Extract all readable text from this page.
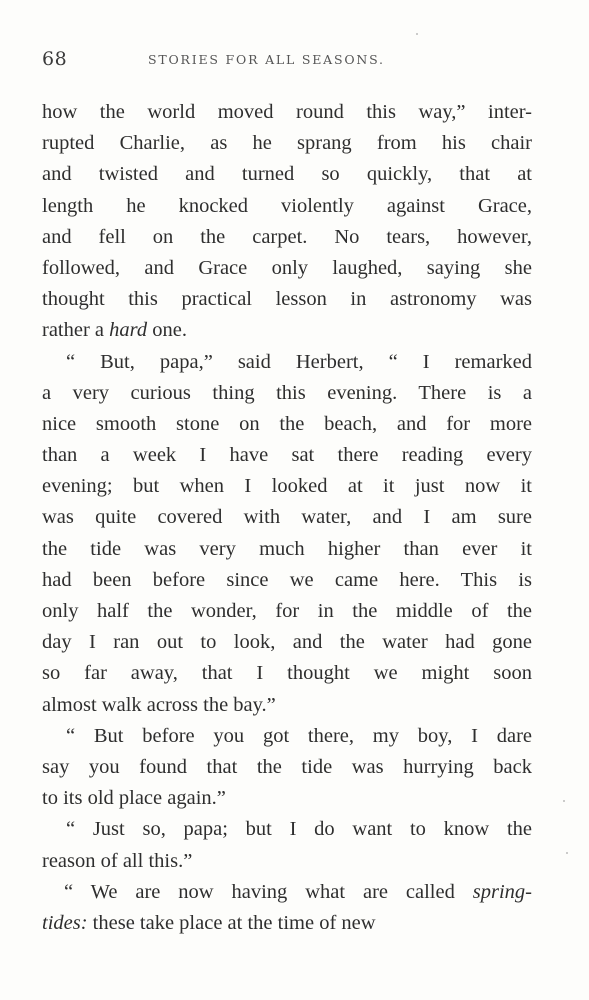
68	STORIES FOR ALL SEASONS.
how the world moved round this way,” inter-
rupted Charlie, as he sprang from his chair
and twisted and turned so quickly, that at
length he knocked violently against Grace,
and fell on the carpet. No tears, however,
followed, and Grace only laughed, saying she
thought this practical lesson in astronomy was
rather a hard one.
“ But, papa,” said Herbert, “ I remarked
a very curious thing this evening. There is a
nice smooth stone on the beach, and for more
than a week I have sat there reading every
evening; but when I looked at it just now it
was quite covered with water, and I am sure
the tide was very much higher than ever it
had been before since we came here. This is
only half the wonder, for in the middle of the
day I ran out to look, and the water had gone
so far away, that I thought we might soon
almost walk across the bay.”
“ But before you got there, my boy, I dare
say you found that the tide was hurrying back
to its old place again.”
“ Just so, papa; but I do want to know the
reason of all this.”
“ We are now having what are called spring-
tides: these take place at the time of new
